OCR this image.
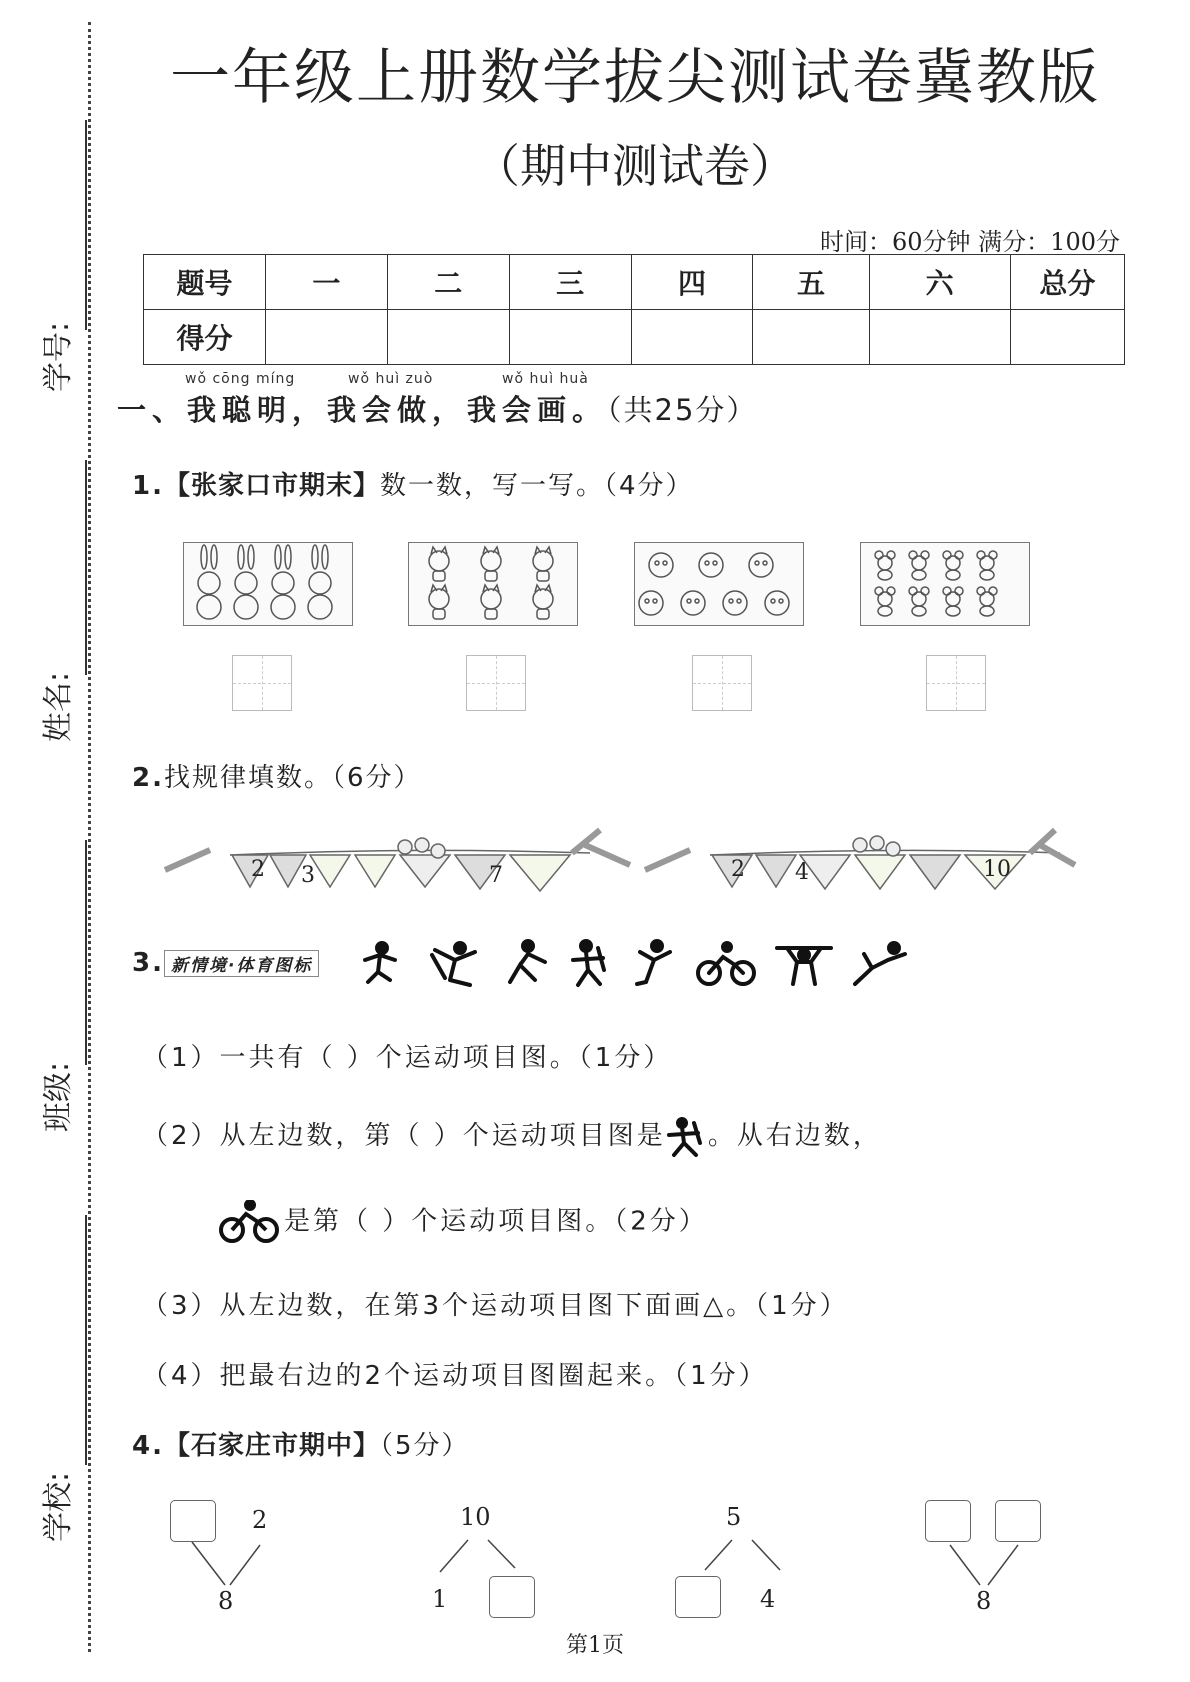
学号:
姓名:
班级:
学校:
一年级上册数学拔尖测试卷冀教版
（期中测试卷）
时间：60分钟 满分：100分
题号	一	二	三	四	五	六	总分
得分							
wǒ cōng míng	wǒ huì zuò	wǒ huì huà
一、我聪明，我会做，我会画。（共25分）
1.【张家口市期末】数一数，写一写。（4分）
2.找规律填数。（6分）
2 3	7	2 4	10
3. 新情境·体育图标
（1）一共有（ ）个运动项目图。（1分）
（2）从左边数，第（ ）个运动项目图是 。从右边数，
是第（ ）个运动项目图。（2分）
（3）从左边数，在第3个运动项目图下面画△。（1分）
（4）把最右边的2个运动项目图圈起来。（1分）
4.【石家庄市期中】（5分）
2
8
10
1
5
4	8
第1页
